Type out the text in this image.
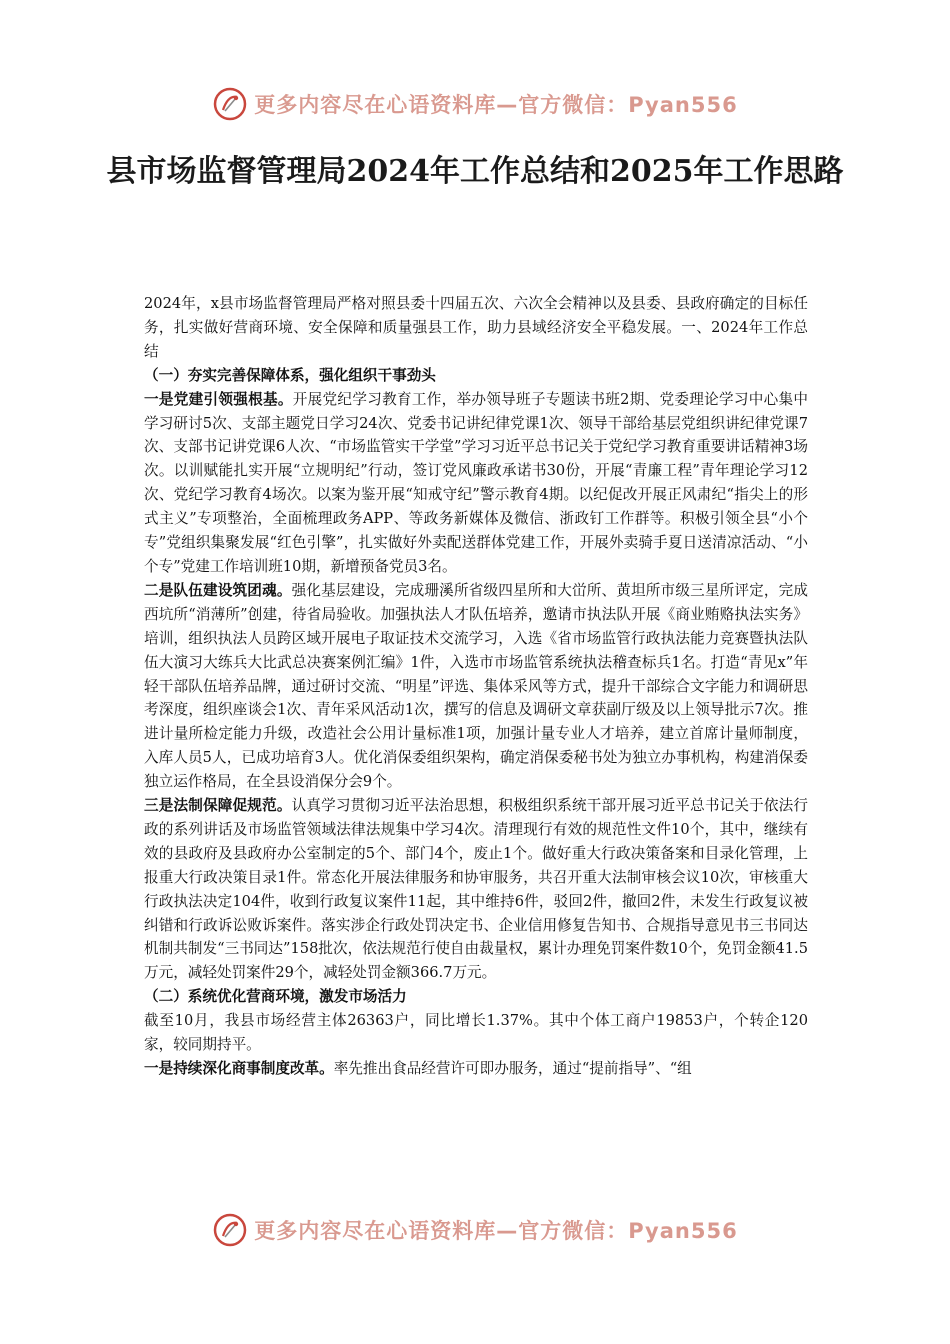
更多内容尽在心语资料库—官方微信：Pyan556
县市场监督管理局2024年工作总结和2025年工作思路

2024年，x县市场监督管理局严格对照县委十四届五次、六次全会精神以及县委、县政府确定的目标任务，扎实做好营商环境、安全保障和质量强县工作，助力县域经济安全平稳发展。一、2024年工作总结

（一）夯实完善保障体系，强化组织干事劲头

一是党建引领强根基。开展党纪学习教育工作，举办领导班子专题读书班2期、党委理论学习中心集中学习研讨5次、支部主题党日学习24次、党委书记讲纪律党课1次、领导干部给基层党组织讲纪律党课7次、支部书记讲党课6人次、“市场监管实干学堂”学习习近平总书记关于党纪学习教育重要讲话精神3场次。以训赋能扎实开展“立规明纪”行动，签订党风廉政承诺书30份，开展“青廉工程”青年理论学习12次、党纪学习教育4场次。以案为鉴开展“知戒守纪”警示教育4期。以纪促改开展正风肃纪“指尖上的形式主义”专项整治，全面梳理政务APP、等政务新媒体及微信、浙政钉工作群等。积极引领全县“小个专”党组织集聚发展“红色引擎”，扎实做好外卖配送群体党建工作，开展外卖骑手夏日送清凉活动、“小个专”党建工作培训班10期，新增预备党员3名。

二是队伍建设筑团魂。强化基层建设，完成珊溪所省级四星所和大峃所、黄坦所市级三星所评定，完成西坑所“消薄所”创建，待省局验收。加强执法人才队伍培养，邀请市执法队开展《商业贿赂执法实务》培训，组织执法人员跨区域开展电子取证技术交流学习，入选《省市场监管行政执法能力竞赛暨执法队伍大演习大练兵大比武总决赛案例汇编》1件，入选市市场监管系统执法稽查标兵1名。打造“青见x”年轻干部队伍培养品牌，通过研讨交流、“明星”评选、集体采风等方式，提升干部综合文字能力和调研思考深度，组织座谈会1次、青年采风活动1次，撰写的信息及调研文章获副厅级及以上领导批示7次。推进计量所检定能力升级，改造社会公用计量标准1项，加强计量专业人才培养，建立首席计量师制度，入库人员5人，已成功培育3人。优化消保委组织架构，确定消保委秘书处为独立办事机构，构建消保委独立运作格局，在全县设消保分会9个。

三是法制保障促规范。认真学习贯彻习近平法治思想，积极组织系统干部开展习近平总书记关于依法行政的系列讲话及市场监管领域法律法规集中学习4次。清理现行有效的规范性文件10个，其中，继续有效的县政府及县政府办公室制定的5个、部门4个，废止1个。做好重大行政决策备案和目录化管理，上报重大行政决策目录1件。常态化开展法律服务和协审服务，共召开重大法制审核会议10次，审核重大行政执法决定104件，收到行政复议案件11起，其中维持6件，驳回2件，撤回2件，未发生行政复议被纠错和行政诉讼败诉案件。落实涉企行政处罚决定书、企业信用修复告知书、合规指导意见书三书同达机制共制发“三书同达”158批次，依法规范行使自由裁量权，累计办理免罚案件数10个，免罚金额41.5万元，减轻处罚案件29个，减轻处罚金额366.7万元。

（二）系统优化营商环境，激发市场活力

截至10月，我县市场经营主体26363户，同比增长1.37%。其中个体工商户19853户，个转企120家，较同期持平。

一是持续深化商事制度改革。率先推出食品经营许可即办服务，通过“提前指导”、“组

更多内容尽在心语资料库—官方微信：Pyan556
